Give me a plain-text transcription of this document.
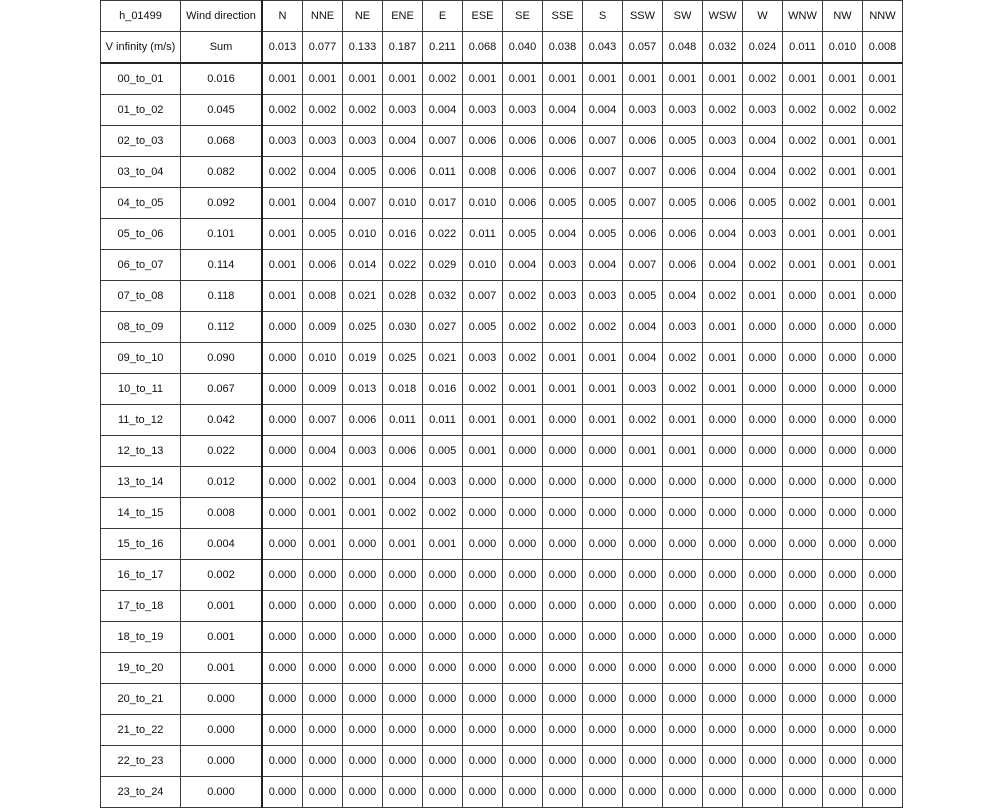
h_01499	Wind direction	N	NNE	NE	ENE	E	ESE	SE	SSE	S	SSW	SW	WSW	W	WNW	NW	NNW
V infinity (m/s)	Sum	0.013	0.077	0.133	0.187	0.211	0.068	0.040	0.038	0.043	0.057	0.048	0.032	0.024	0.011	0.010	0.008
00_to_01	0.016	0.001	0.001	0.001	0.001	0.002	0.001	0.001	0.001	0.001	0.001	0.001	0.001	0.002	0.001	0.001	0.001
01_to_02	0.045	0.002	0.002	0.002	0.003	0.004	0.003	0.003	0.004	0.004	0.003	0.003	0.002	0.003	0.002	0.002	0.002
02_to_03	0.068	0.003	0.003	0.003	0.004	0.007	0.006	0.006	0.006	0.007	0.006	0.005	0.003	0.004	0.002	0.001	0.001
03_to_04	0.082	0.002	0.004	0.005	0.006	0.011	0.008	0.006	0.006	0.007	0.007	0.006	0.004	0.004	0.002	0.001	0.001
04_to_05	0.092	0.001	0.004	0.007	0.010	0.017	0.010	0.006	0.005	0.005	0.007	0.005	0.006	0.005	0.002	0.001	0.001
05_to_06	0.101	0.001	0.005	0.010	0.016	0.022	0.011	0.005	0.004	0.005	0.006	0.006	0.004	0.003	0.001	0.001	0.001
06_to_07	0.114	0.001	0.006	0.014	0.022	0.029	0.010	0.004	0.003	0.004	0.007	0.006	0.004	0.002	0.001	0.001	0.001
07_to_08	0.118	0.001	0.008	0.021	0.028	0.032	0.007	0.002	0.003	0.003	0.005	0.004	0.002	0.001	0.000	0.001	0.000
08_to_09	0.112	0.000	0.009	0.025	0.030	0.027	0.005	0.002	0.002	0.002	0.004	0.003	0.001	0.000	0.000	0.000	0.000
09_to_10	0.090	0.000	0.010	0.019	0.025	0.021	0.003	0.002	0.001	0.001	0.004	0.002	0.001	0.000	0.000	0.000	0.000
10_to_11	0.067	0.000	0.009	0.013	0.018	0.016	0.002	0.001	0.001	0.001	0.003	0.002	0.001	0.000	0.000	0.000	0.000
11_to_12	0.042	0.000	0.007	0.006	0.011	0.011	0.001	0.001	0.000	0.001	0.002	0.001	0.000	0.000	0.000	0.000	0.000
12_to_13	0.022	0.000	0.004	0.003	0.006	0.005	0.001	0.000	0.000	0.000	0.001	0.001	0.000	0.000	0.000	0.000	0.000
13_to_14	0.012	0.000	0.002	0.001	0.004	0.003	0.000	0.000	0.000	0.000	0.000	0.000	0.000	0.000	0.000	0.000	0.000
14_to_15	0.008	0.000	0.001	0.001	0.002	0.002	0.000	0.000	0.000	0.000	0.000	0.000	0.000	0.000	0.000	0.000	0.000
15_to_16	0.004	0.000	0.001	0.000	0.001	0.001	0.000	0.000	0.000	0.000	0.000	0.000	0.000	0.000	0.000	0.000	0.000
16_to_17	0.002	0.000	0.000	0.000	0.000	0.000	0.000	0.000	0.000	0.000	0.000	0.000	0.000	0.000	0.000	0.000	0.000
17_to_18	0.001	0.000	0.000	0.000	0.000	0.000	0.000	0.000	0.000	0.000	0.000	0.000	0.000	0.000	0.000	0.000	0.000
18_to_19	0.001	0.000	0.000	0.000	0.000	0.000	0.000	0.000	0.000	0.000	0.000	0.000	0.000	0.000	0.000	0.000	0.000
19_to_20	0.001	0.000	0.000	0.000	0.000	0.000	0.000	0.000	0.000	0.000	0.000	0.000	0.000	0.000	0.000	0.000	0.000
20_to_21	0.000	0.000	0.000	0.000	0.000	0.000	0.000	0.000	0.000	0.000	0.000	0.000	0.000	0.000	0.000	0.000	0.000
21_to_22	0.000	0.000	0.000	0.000	0.000	0.000	0.000	0.000	0.000	0.000	0.000	0.000	0.000	0.000	0.000	0.000	0.000
22_to_23	0.000	0.000	0.000	0.000	0.000	0.000	0.000	0.000	0.000	0.000	0.000	0.000	0.000	0.000	0.000	0.000	0.000
23_to_24	0.000	0.000	0.000	0.000	0.000	0.000	0.000	0.000	0.000	0.000	0.000	0.000	0.000	0.000	0.000	0.000	0.000
